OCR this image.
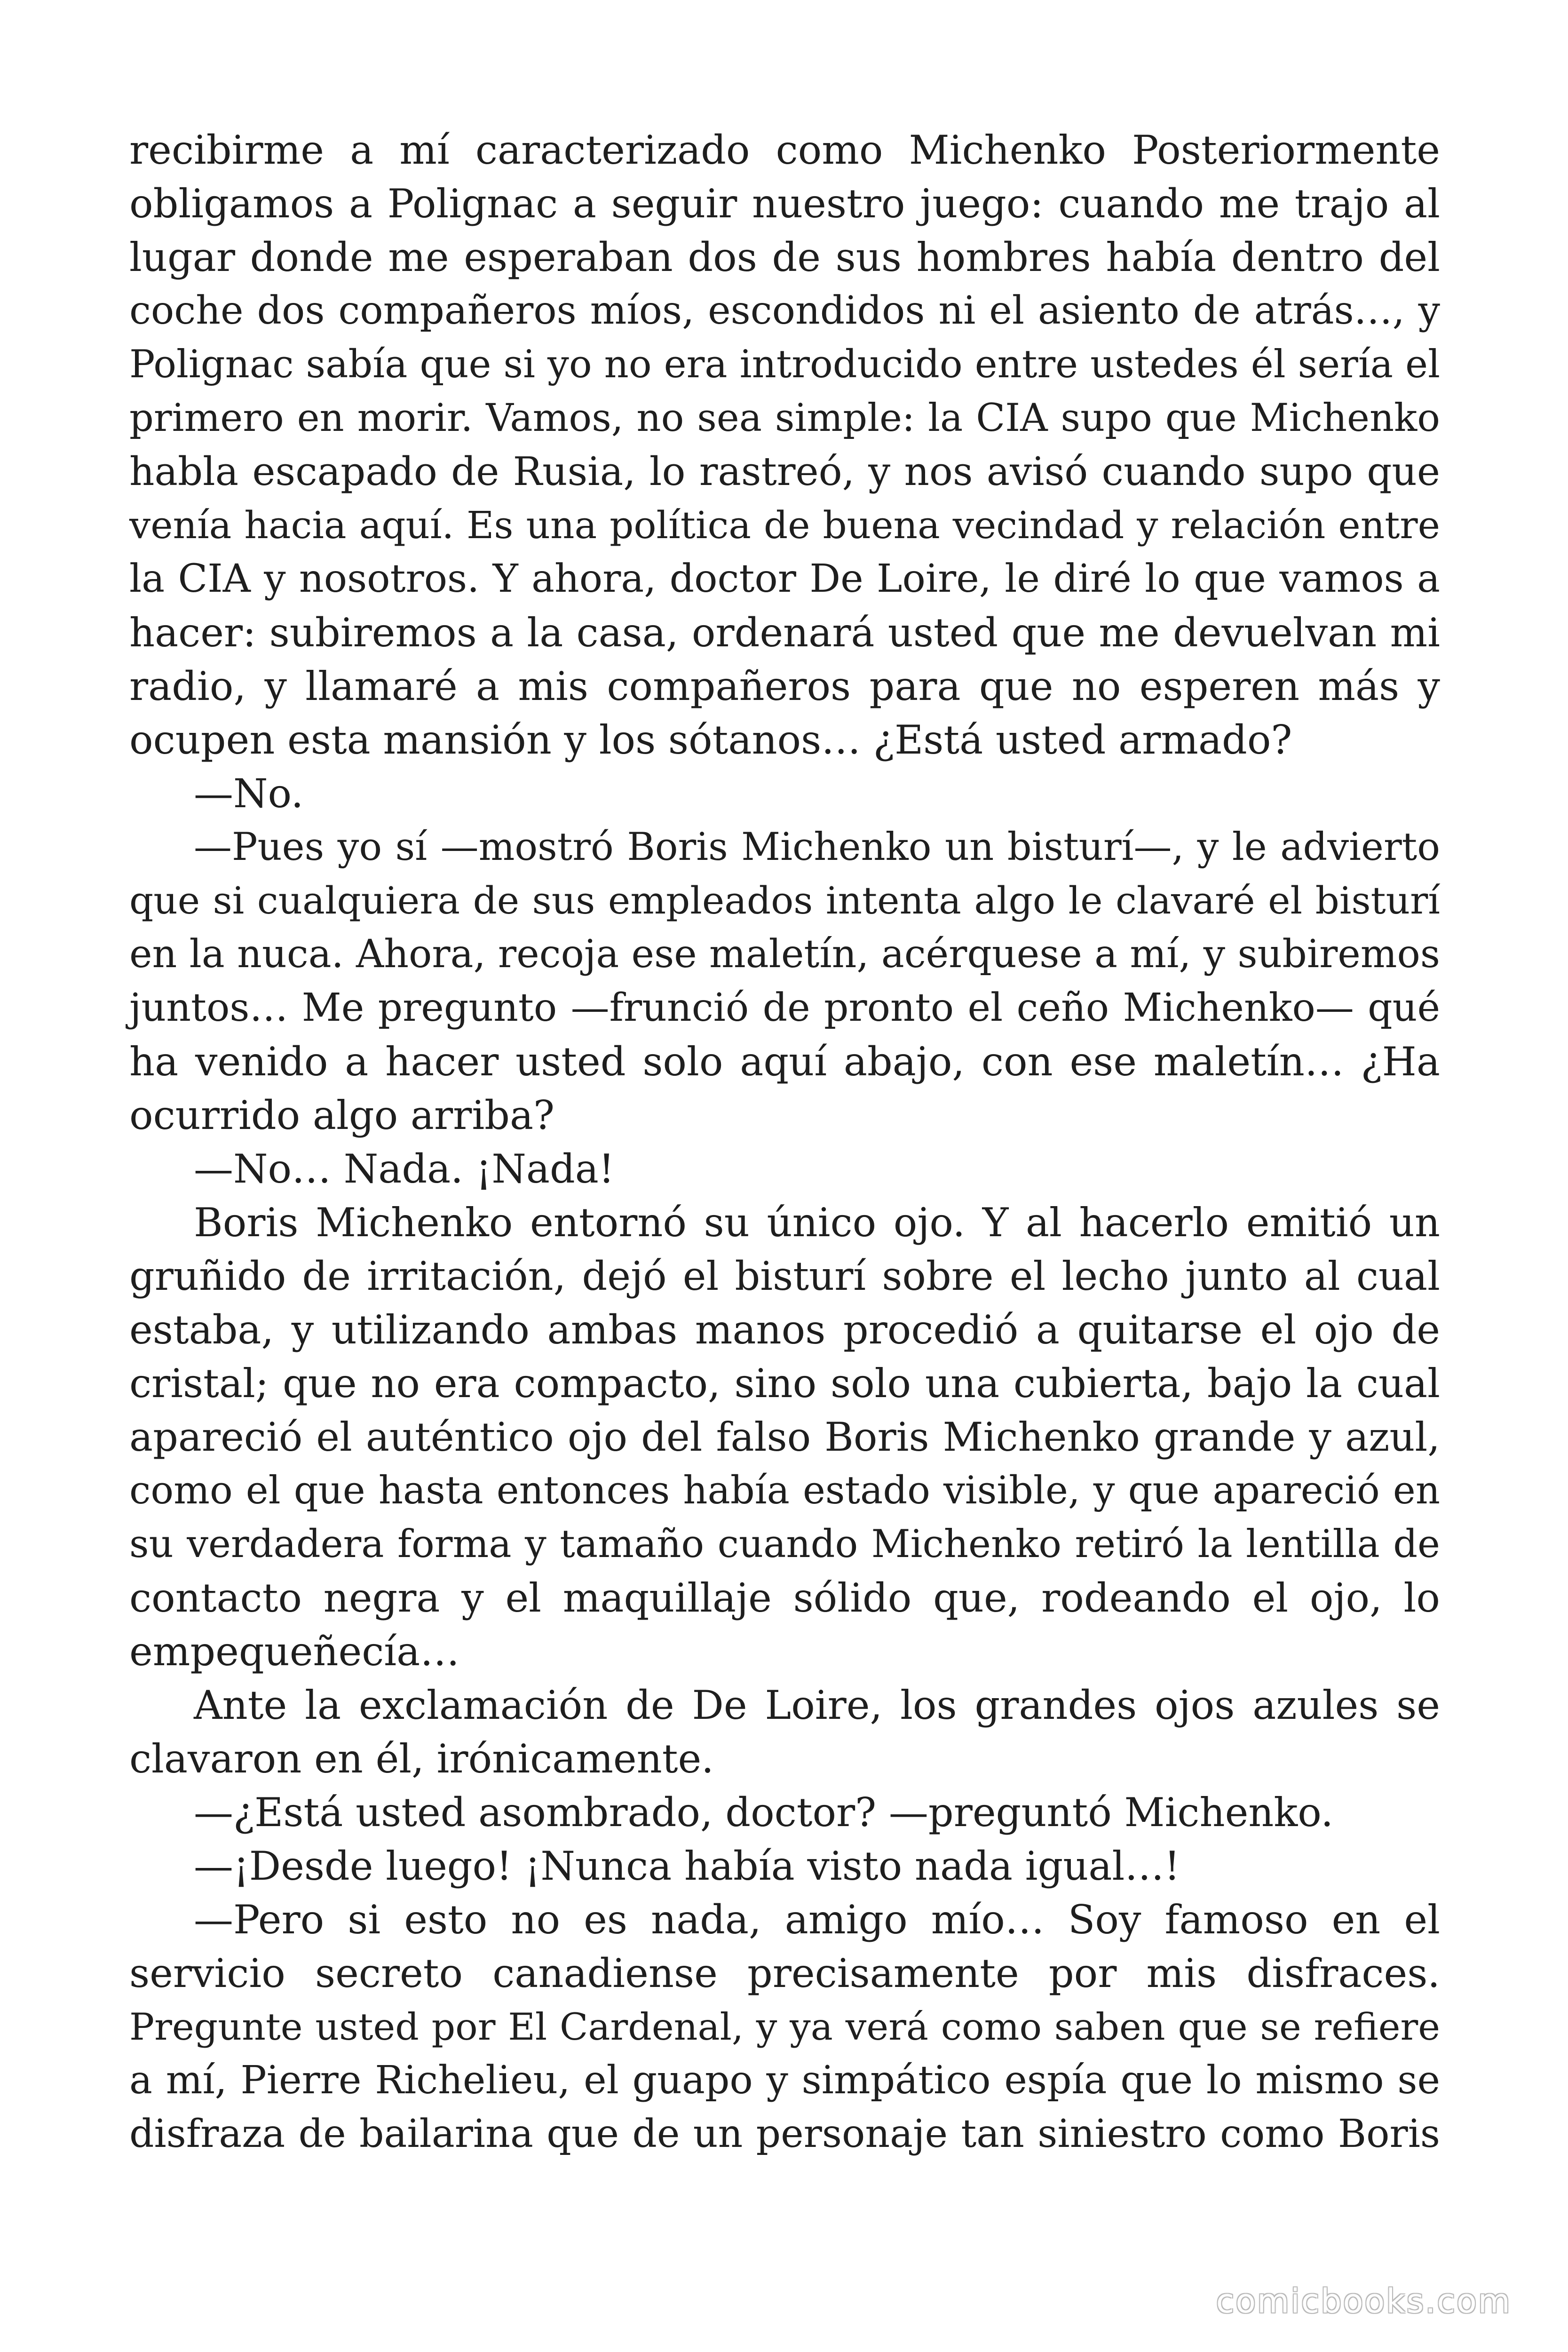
recibirme a mí caracterizado como Michenko Posteriormente
obligamos a Polignac a seguir nuestro juego: cuando me trajo al
lugar donde me esperaban dos de sus hombres había dentro del
coche dos compañeros míos, escondidos ni el asiento de atrás…, y
Polignac sabía que si yo no era introducido entre ustedes él sería el
primero en morir. Vamos, no sea simple: la CIA supo que Michenko
habla escapado de Rusia, lo rastreó, y nos avisó cuando supo que
venía hacia aquí. Es una política de buena vecindad y relación entre
la CIA y nosotros. Y ahora, doctor De Loire, le diré lo que vamos a
hacer: subiremos a la casa, ordenará usted que me devuelvan mi
radio, y llamaré a mis compañeros para que no esperen más y
ocupen esta mansión y los sótanos… ¿Está usted armado?
—No.
—Pues yo sí —mostró Boris Michenko un bisturí—, y le advierto
que si cualquiera de sus empleados intenta algo le clavaré el bisturí
en la nuca. Ahora, recoja ese maletín, acérquese a mí, y subiremos
juntos… Me pregunto —frunció de pronto el ceño Michenko— qué
ha venido a hacer usted solo aquí abajo, con ese maletín… ¿Ha
ocurrido algo arriba?
—No… Nada. ¡Nada!
Boris Michenko entornó su único ojo. Y al hacerlo emitió un
gruñido de irritación, dejó el bisturí sobre el lecho junto al cual
estaba, y utilizando ambas manos procedió a quitarse el ojo de
cristal; que no era compacto, sino solo una cubierta, bajo la cual
apareció el auténtico ojo del falso Boris Michenko grande y azul,
como el que hasta entonces había estado visible, y que apareció en
su verdadera forma y tamaño cuando Michenko retiró la lentilla de
contacto negra y el maquillaje sólido que, rodeando el ojo, lo
empequeñecía…
Ante la exclamación de De Loire, los grandes ojos azules se
clavaron en él, irónicamente.
—¿Está usted asombrado, doctor? —preguntó Michenko.
—¡Desde luego! ¡Nunca había visto nada igual…!
—Pero si esto no es nada, amigo mío… Soy famoso en el
servicio secreto canadiense precisamente por mis disfraces.
Pregunte usted por El Cardenal, y ya verá como saben que se refiere
a mí, Pierre Richelieu, el guapo y simpático espía que lo mismo se
disfraza de bailarina que de un personaje tan siniestro como Boris
comicbooks.com
